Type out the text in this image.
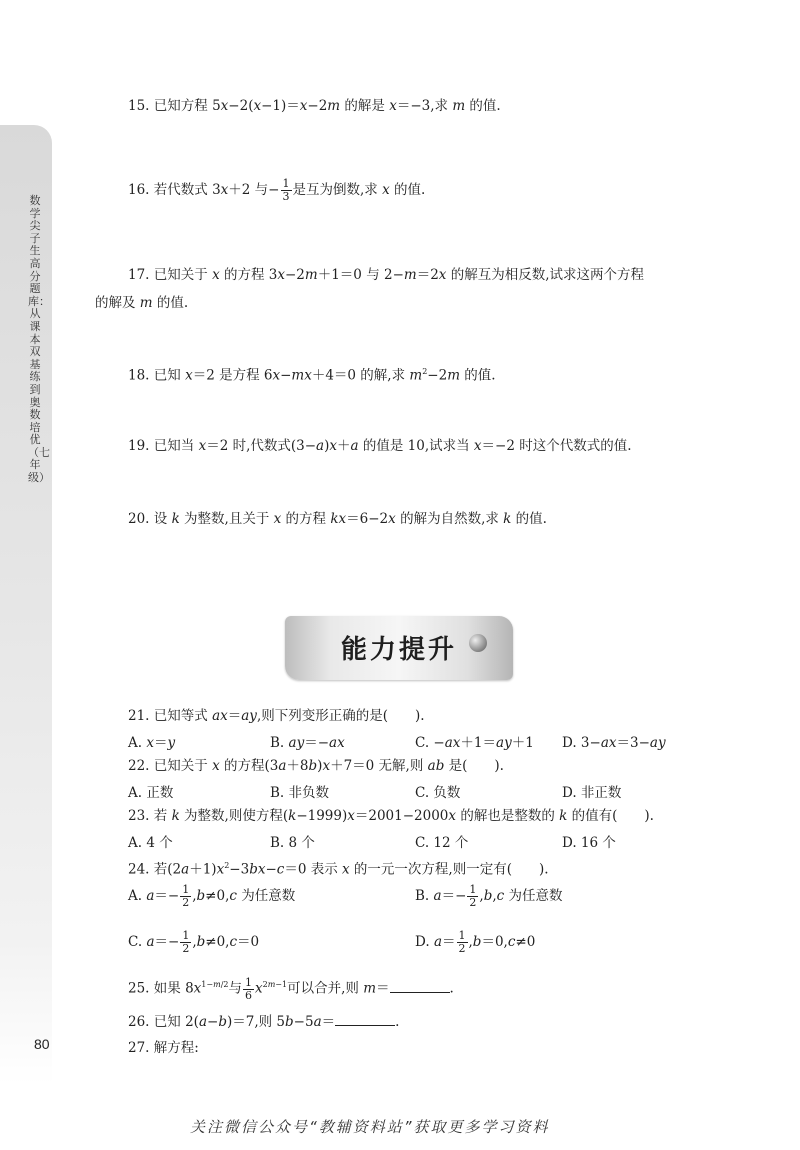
数学尖子生高分题库：从课本双基练到奥数培优（七年级）
80
15. 已知方程 5x−2(x−1)＝x−2m 的解是 x＝−3,求 m 的值.
16. 若代数式 3x＋2 与− $\frac{1}{3}$ 是互为倒数,求 x 的值.
17. 已知关于 x 的方程 3x−2m＋1＝0 与 2−m＝2x 的解互为相反数,试求这两个方程
的解及 m 的值.
18. 已知 x＝2 是方程 6x−mx＋4＝0 的解,求 $m^2-2m$ 的值.
19. 已知当 x＝2 时,代数式(3−a)x＋a 的值是 10,试求当 x＝−2 时这个代数式的值.
20. 设 k 为整数,且关于 x 的方程 kx＝6−2x 的解为自然数,求 k 的值.
能力提升
21. 已知等式 ax＝ay,则下列变形正确的是(　　).
A. x＝y	B. ay＝−ax	C. −ax＋1＝ay＋1 D. 3−ax＝3−ay
22. 已知关于 x 的方程(3a＋8b)x＋7＝0 无解,则 ab 是(　　).
A. 正数	B. 非负数	C. 负数	D. 非正数
23. 若 k 为整数,则使方程(k−1999)x＝2001−2000x 的解也是整数的 k 的值有(　　).
A. 4 个	B. 8 个	C. 12 个	D. 16 个
24. 若$(2a+1)x^2-3bx-c=0$ 表示 x 的一元一次方程,则一定有(　　).
A. $a=- \frac{1}{2} ,b\ne 0,c$ 为任意数	B. $a=- \frac{1}{2} ,b,c$ 为任意数
C. $a=- \frac{1}{2} ,b\ne 0,c=0$	D. $a= \frac{1}{2} ,b=0,c\ne 0$
25. 如果 $8x^{1-m/2}$与 $\frac{1}{6} x^{2m-1}$可以合并,则 m＝	.
26. 已知 2(a−b)＝7,则 5b−5a＝	.
27. 解方程:
关注微信公众号“教辅资料站”获取更多学习资料
